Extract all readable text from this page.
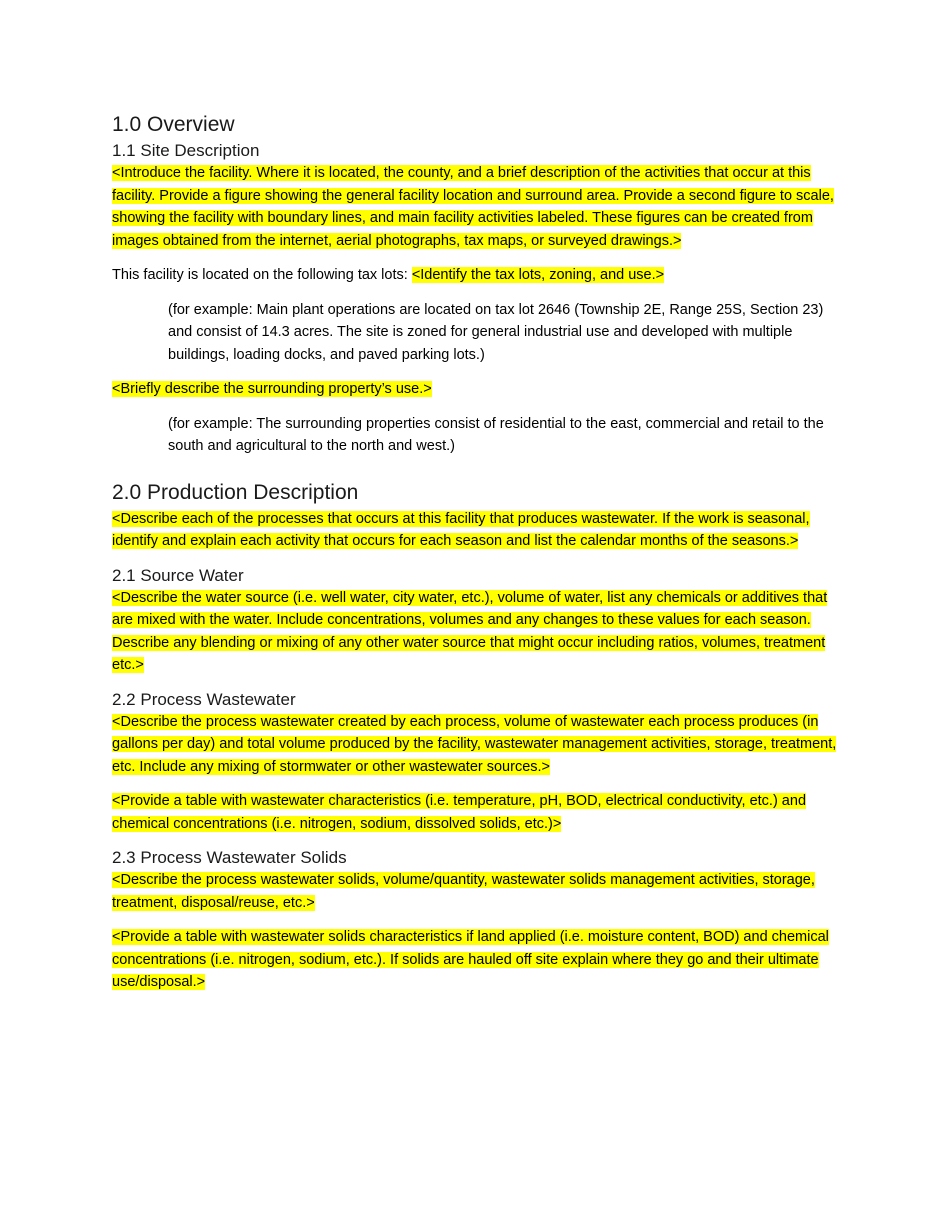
1.0 Overview
1.1 Site Description

<Introduce the facility. Where it is located, the county, and a brief description of the activities that occur at this facility. Provide a figure showing the general facility location and surround area. Provide a second figure to scale, showing the facility with boundary lines, and main facility activities labeled. These figures can be created from images obtained from the internet, aerial photographs, tax maps, or surveyed drawings.>

This facility is located on the following tax lots: <Identify the tax lots, zoning, and use.>

(for example: Main plant operations are located on tax lot 2646 (Township 2E, Range 25S, Section 23) and consist of 14.3 acres. The site is zoned for general industrial use and developed with multiple buildings, loading docks, and paved parking lots.)

<Briefly describe the surrounding property’s use.>

(for example: The surrounding properties consist of residential to the east, commercial and retail to the south and agricultural to the north and west.)

2.0 Production Description

<Describe each of the processes that occurs at this facility that produces wastewater. If the work is seasonal, identify and explain each activity that occurs for each season and list the calendar months of the seasons.>

2.1 Source Water

<Describe the water source (i.e. well water, city water, etc.), volume of water, list any chemicals or additives that are mixed with the water. Include concentrations, volumes and any changes to these values for each season. Describe any blending or mixing of any other water source that might occur including ratios, volumes, treatment etc.>

2.2 Process Wastewater

<Describe the process wastewater created by each process, volume of wastewater each process produces (in gallons per day) and total volume produced by the facility, wastewater management activities, storage, treatment, etc. Include any mixing of stormwater or other wastewater sources.>

<Provide a table with wastewater characteristics (i.e. temperature, pH, BOD, electrical conductivity, etc.) and chemical concentrations (i.e. nitrogen, sodium, dissolved solids, etc.)>

2.3 Process Wastewater Solids

<Describe the process wastewater solids, volume/quantity, wastewater solids management activities, storage, treatment, disposal/reuse, etc.>

<Provide a table with wastewater solids characteristics if land applied (i.e. moisture content, BOD) and chemical concentrations (i.e. nitrogen, sodium, etc.). If solids are hauled off site explain where they go and their ultimate use/disposal.>
